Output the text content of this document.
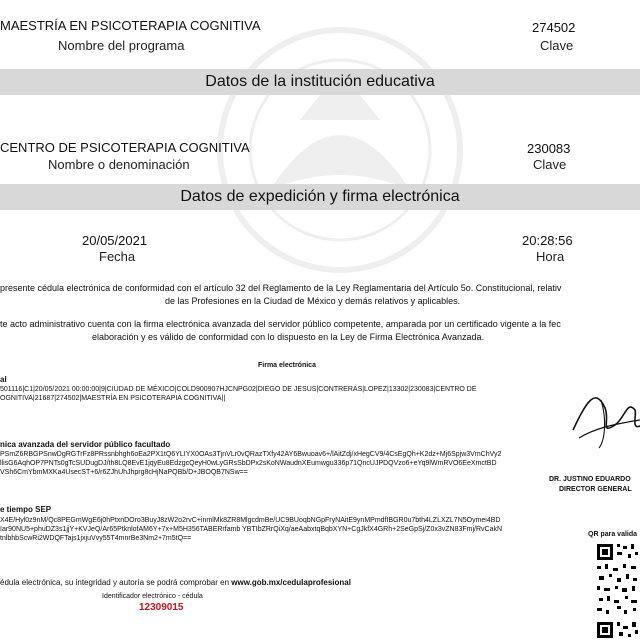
MAESTRÍA EN PSICOTERAPIA COGNITIVA
Nombre del programa
274502
Clave
Datos de la institución educativa
CENTRO DE PSICOTERAPIA COGNITIVA
Nombre o denominación
230083
Clave
Datos de expedición y firma electrónica
20/05/2021
Fecha
20:28:56
Hora
presente cédula electrónica de conformidad con el artículo 32 del Reglamento de la Ley Reglamentaria del Artículo 5o. Constitucional, relativ
de las Profesiones en la Ciudad de México y demás relativos y aplicables.
te acto administrativo cuenta con la firma electrónica avanzada del servidor público competente, amparada por un certificado vigente a la fec
elaboración y es válido de conformidad con lo dispuesto en la Ley de Firma Electrónica Avanzada.
Firma electrónica
al
501116|C1|20/05/2021 00:00:00|9|CIUDAD DE MÉXICO|COLD900907HJCNPG02|DIEGO DE JESUS|CONTRERAS|LOPEZ|13302|230083|CENTRO DE
OGNITIVA|21687|274502|MAESTRÍA EN PSICOTERAPIA COGNITIVA||
nica avanzada del servidor público facultado
PSmZ6RBGPSnwDgRGTrFz8PRssnbhgh6oEa2PX1tQ6YLIYX0OAs3TjnVLr0vQRazTXfy42AY6Bwuoav6+/lAitZdj/xHegCV9/4CsEgQh+K2dz+Mj6Spjw3VmChVy2
llisG6AqhOP7PNTs0gTcSUDugDJ/th8LQ8EvE1jqyEu8EdzgcQeyH0wLyGRsSbDPx2sKoNWaudnXEumwgu336p71QncUJPDQVzo6+eYq9lWmRVO6EeXmctBD
VSh6CmYbmMXKa4UsecST+6/r6ZJhUhJhprg8cHjNaPQBb/D+JBOQB7NSw==
e tiempo SEP
X4E/Hyl0z9nM/Qc8PEGmWgE6j0hPtxnDOro3BuyJ8zW2o2rvC+inmlMk8ZR8MlgcdmBe/UC9BUoqbNGpFryNAitE9ynMPmdfIBGR0u7bth4LZLXZL7N5Oymei4BD
Iar90NU5+phuDZ3s1jjY+KVJeQ/Ar65PtknlofAM6Y+7x+M5H356TABERrfamb YBTIbZRrQiXq/aeAabxtqBqbXYN+CgJkfX4GRh+2SeGpSj/Z0x3vZN83Fmj/RvCakN
tnlbhbScwRi2WDQFTajs1jxjuVvy55T4mnrBe3Nm2+7m5tQ==
édula electrónica, su integridad y autoría se podrá comprobar en www.gob.mx/cedulaprofesional
Identificador electrónico - cédula
12309015
DR. JUSTINO EDUARDO
DIRECTOR GENERAL
QR para valida
